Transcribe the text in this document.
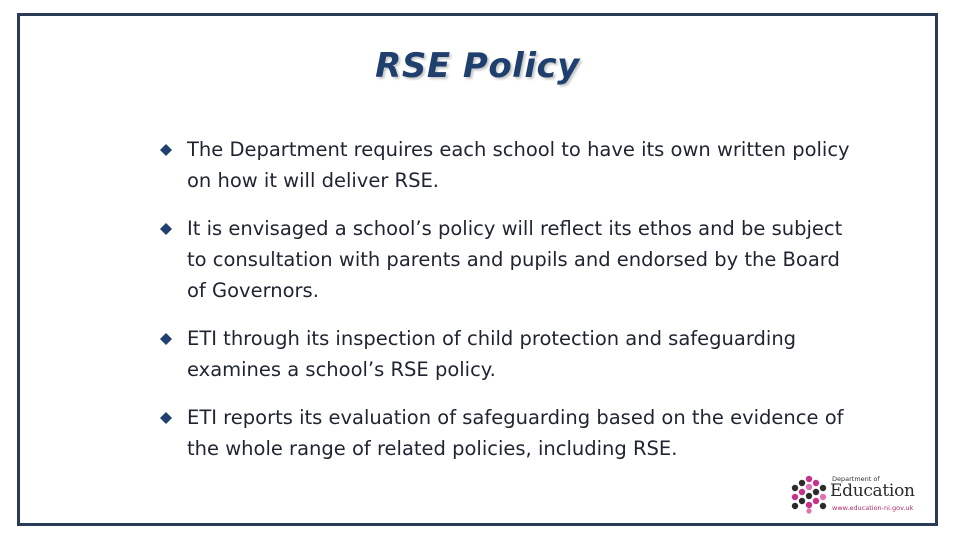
RSE Policy
The Department requires each school to have its own written policy on how it will deliver RSE.
It is envisaged a school’s policy will reflect its ethos and be subject to consultation with parents and pupils and endorsed by the Board of Governors.
ETI through its inspection of child protection and safeguarding examines a school’s RSE policy.
ETI reports its evaluation of safeguarding based on the evidence of the whole range of related policies, including RSE.
Department of
Education
www.education-ni.gov.uk
